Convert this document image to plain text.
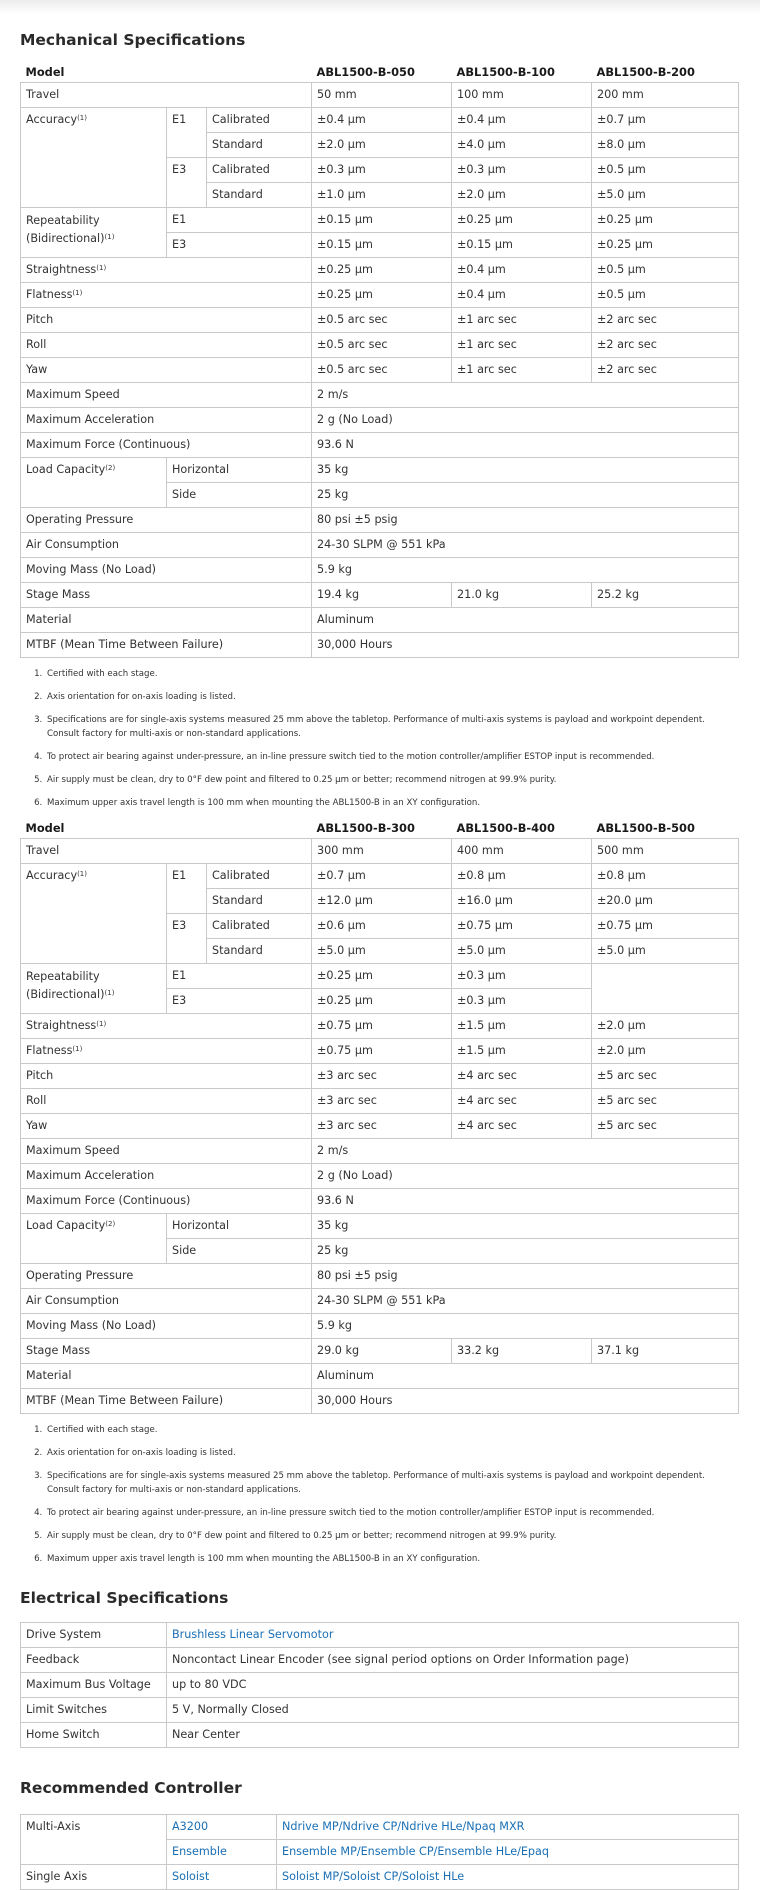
Mechanical Specifications
Model			ABL1500-B-050	ABL1500-B-100	ABL1500-B-200
Travel			50 mm	100 mm	200 mm
Accuracy$^{(1)}$	E1	Calibrated	±0.4 µm	±0.4 µm	±0.7 µm
		Standard	±2.0 µm	±4.0 µm	±8.0 µm
	E3	Calibrated	±0.3 µm	±0.3 µm	±0.5 µm
		Standard	±1.0 µm	±2.0 µm	±5.0 µm
Repeatability
(Bidirectional)$^{(1)}$	E1		±0.15 µm	±0.25 µm	±0.25 µm
	E3		±0.15 µm	±0.15 µm	±0.25 µm
Straightness$^{(1)}$			±0.25 µm	±0.4 µm	±0.5 µm
Flatness$^{(1)}$			±0.25 µm	±0.4 µm	±0.5 µm
Pitch			±0.5 arc sec	±1 arc sec	±2 arc sec
Roll			±0.5 arc sec	±1 arc sec	±2 arc sec
Yaw			±0.5 arc sec	±1 arc sec	±2 arc sec
Maximum Speed			2 m/s		
Maximum Acceleration			2 g (No Load)		
Maximum Force (Continuous)			93.6 N		
Load Capacity$^{(2)}$	Horizontal		35 kg		
	Side		25 kg		
Operating Pressure			80 psi ±5 psig		
Air Consumption			24-30 SLPM @ 551 kPa		
Moving Mass (No Load)			5.9 kg		
Stage Mass			19.4 kg	21.0 kg	25.2 kg
Material			Aluminum		
MTBF (Mean Time Between Failure)			30,000 Hours		
1. Certified with each stage.
2. Axis orientation for on-axis loading is listed.
3. Specifications are for single-axis systems measured 25 mm above the tabletop. Performance of multi-axis systems is payload and workpoint dependent. Consult factory for multi-axis or non-standard applications.
4. To protect air bearing against under-pressure, an in-line pressure switch tied to the motion controller/amplifier ESTOP input is recommended.
5. Air supply must be clean, dry to 0°F dew point and filtered to 0.25 µm or better; recommend nitrogen at 99.9% purity.
6. Maximum upper axis travel length is 100 mm when mounting the ABL1500-B in an XY configuration.
Model			ABL1500-B-300	ABL1500-B-400	ABL1500-B-500
Travel			300 mm	400 mm	500 mm
Accuracy$^{(1)}$	E1	Calibrated	±0.7 µm	±0.8 µm	±0.8 µm
		Standard	±12.0 µm	±16.0 µm	±20.0 µm
	E3	Calibrated	±0.6 µm	±0.75 µm	±0.75 µm
		Standard	±5.0 µm	±5.0 µm	±5.0 µm
Repeatability
(Bidirectional)$^{(1)}$	E1		±0.25 µm	±0.3 µm	
	E3		±0.25 µm	±0.3 µm	
Straightness$^{(1)}$			±0.75 µm	±1.5 µm	±2.0 µm
Flatness$^{(1)}$			±0.75 µm	±1.5 µm	±2.0 µm
Pitch			±3 arc sec	±4 arc sec	±5 arc sec
Roll			±3 arc sec	±4 arc sec	±5 arc sec
Yaw			±3 arc sec	±4 arc sec	±5 arc sec
Maximum Speed			2 m/s		
Maximum Acceleration			2 g (No Load)		
Maximum Force (Continuous)			93.6 N		
Load Capacity$^{(2)}$	Horizontal		35 kg		
	Side		25 kg		
Operating Pressure			80 psi ±5 psig		
Air Consumption			24-30 SLPM @ 551 kPa		
Moving Mass (No Load)			5.9 kg		
Stage Mass			29.0 kg	33.2 kg	37.1 kg
Material			Aluminum		
MTBF (Mean Time Between Failure)			30,000 Hours		
1. Certified with each stage.
2. Axis orientation for on-axis loading is listed.
3. Specifications are for single-axis systems measured 25 mm above the tabletop. Performance of multi-axis systems is payload and workpoint dependent. Consult factory for multi-axis or non-standard applications.
4. To protect air bearing against under-pressure, an in-line pressure switch tied to the motion controller/amplifier ESTOP input is recommended.
5. Air supply must be clean, dry to 0°F dew point and filtered to 0.25 µm or better; recommend nitrogen at 99.9% purity.
6. Maximum upper axis travel length is 100 mm when mounting the ABL1500-B in an XY configuration.
Electrical Specifications
Drive System	Brushless Linear Servomotor
Feedback	Noncontact Linear Encoder (see signal period options on Order Information page)
Maximum Bus Voltage	up to 80 VDC
Limit Switches	5 V, Normally Closed
Home Switch	Near Center
Recommended Controller
Multi-Axis	A3200	Ndrive MP/Ndrive CP/Ndrive HLe/Npaq MXR
	Ensemble	Ensemble MP/Ensemble CP/Ensemble HLe/Epaq
Single Axis	Soloist	Soloist MP/Soloist CP/Soloist HLe
